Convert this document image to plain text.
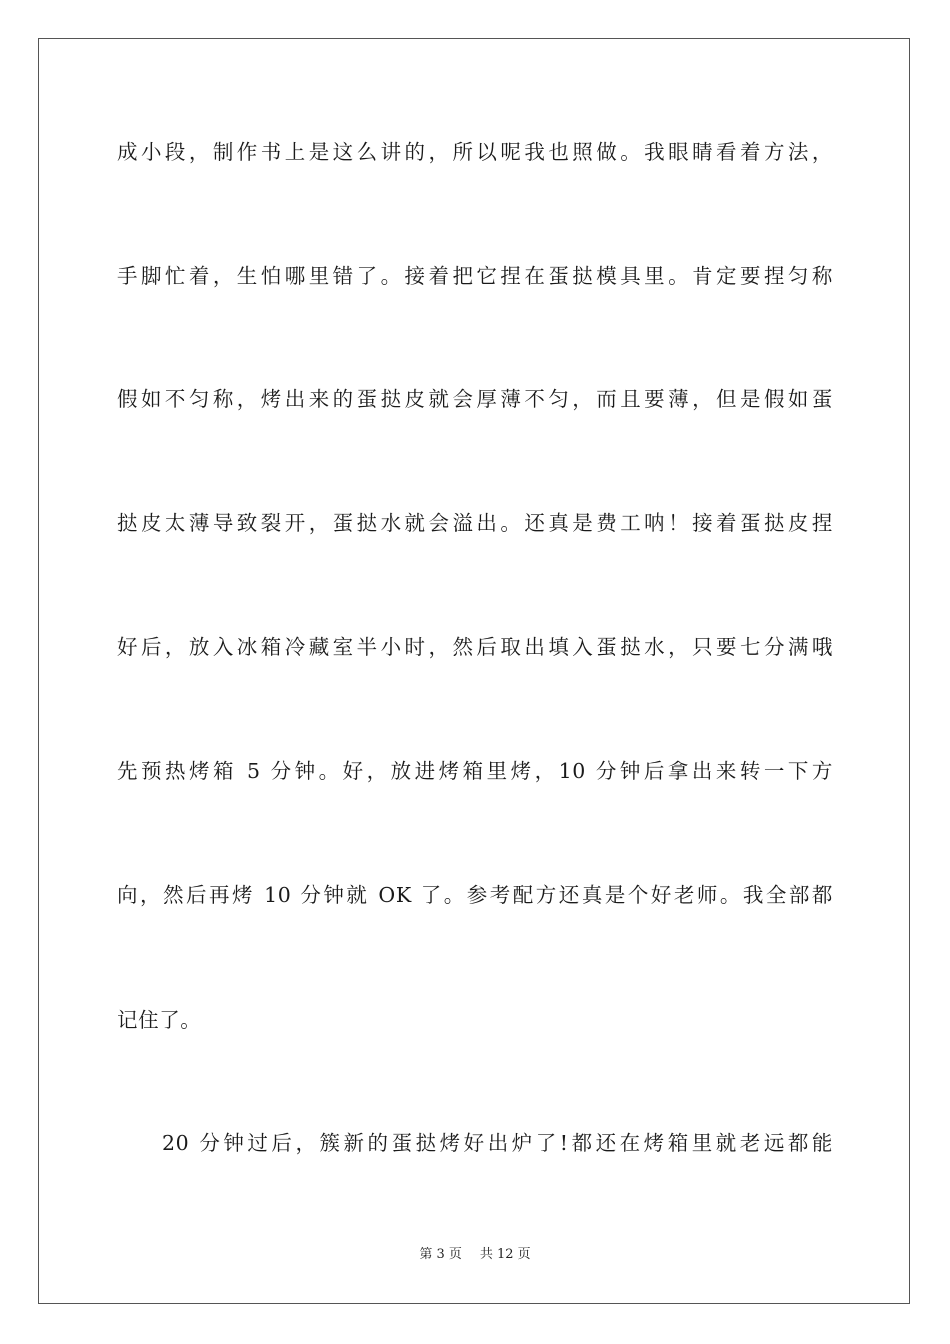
成小段，制作书上是这么讲的，所以呢我也照做。我眼睛看着方法，
手脚忙着，生怕哪里错了。接着把它捏在蛋挞模具里。肯定要捏匀称
假如不匀称，烤出来的蛋挞皮就会厚薄不匀，而且要薄，但是假如蛋
挞皮太薄导致裂开，蛋挞水就会溢出。还真是费工呐！接着蛋挞皮捏
好后，放入冰箱冷藏室半小时，然后取出填入蛋挞水，只要七分满哦
先预热烤箱 5 分钟。好，放进烤箱里烤，10 分钟后拿出来转一下方
向，然后再烤 10 分钟就 OK 了。参考配方还真是个好老师。我全部都
记住了。
20 分钟过后，簇新的蛋挞烤好出炉了!都还在烤箱里就老远都能
第 3 页 共 12 页
